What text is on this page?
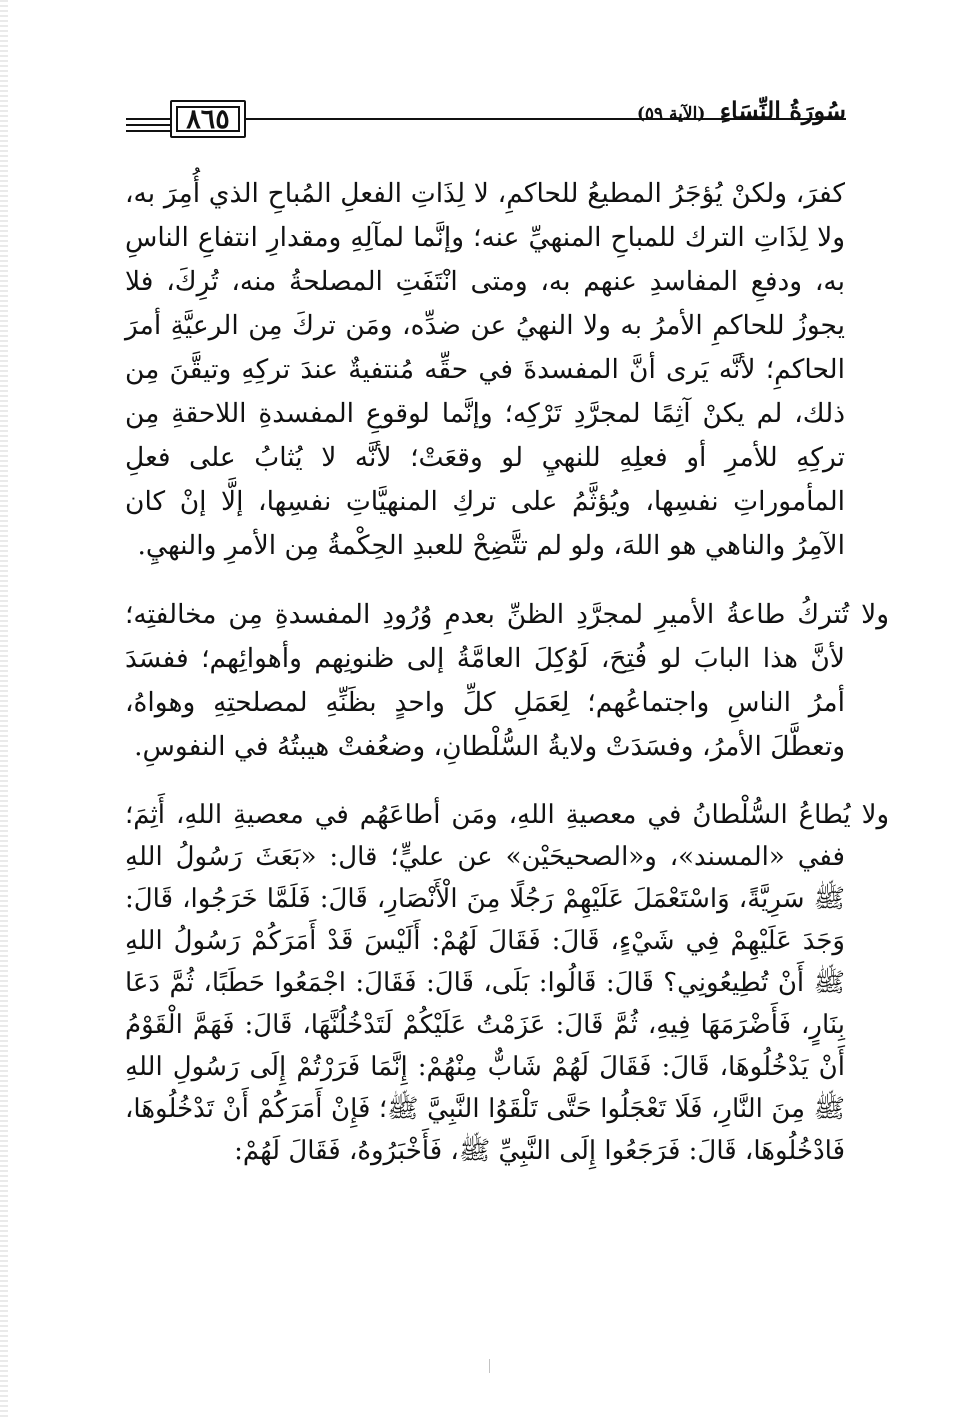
٨٦٥	سُورَةُ النِّسَاءِ (الآية ٥٩)

كفرَ، ولكنْ يُؤجَرُ المطيعُ للحاكمِ، لا لِذَاتِ الفعلِ المُباحِ الذي أُمِرَ به، ولا لِذَاتِ الترك للمباحِ المنهيِّ عنه؛ وإنَّما لمآلِهِ ومقدارِ انتفاعِ الناسِ به، ودفعِ المفاسدِ عنهم به، ومتى انْتَفَتِ المصلحةُ منه، تُرِكَ، فلا يجوزُ للحاكمِ الأمرُ به ولا النهيُ عن ضدِّه، ومَن تركَ مِن الرعيَّةِ أمرَ الحاكمِ؛ لأنَّه يَرى أنَّ المفسدةَ في حقِّه مُنتفيةٌ عندَ تركِهِ وتيقَّنَ مِن ذلك، لم يكنْ آثِمًا لمجرَّدِ تَرْكِه؛ وإنَّما لوقوعِ المفسدةِ اللاحقةِ مِن تركِهِ للأمرِ أو فعلِهِ للنهيِ لو وقعَتْ؛ لأنَّه لا يُثابُ على فعلِ المأموراتِ نفسِها، ويُؤثَّمُ على تركِ المنهيَّاتِ نفسِها، إلَّا إنْ كان الآمِرُ والناهي هو اللهَ، ولو لم تتَّضِحْ للعبدِ الحِكْمةُ مِن الأمرِ والنهيِ.

ولا تُتركُ طاعةُ الأميرِ لمجرَّدِ الظنِّ بعدمِ وُرُودِ المفسدةِ مِن مخالفتِه؛ لأنَّ هذا البابَ لو فُتِحَ، لَوُكِلَ العامَّةُ إلى ظنونِهم وأهوائِهم؛ ففسَدَ أمرُ الناسِ واجتماعُهم؛ لِعَمَلِ كلِّ واحدٍ بظَنِّهِ لمصلحتِهِ وهواهُ، وتعطَّلَ الأمرُ، وفسَدَتْ ولايةُ السُّلْطانِ، وضعُفتْ هيبتُهُ في النفوسِ.

ولا يُطاعُ السُّلْطانُ في معصيةِ اللهِ، ومَن أطاعَهُم في معصيةِ اللهِ، أَثِمَ؛ ففي «المسند»، و«الصحيحَيْن» عن عليٍّ؛ قال: «بَعَثَ رَسُولُ اللهِ ﷺ سَرِيَّةً، وَاسْتَعْمَلَ عَلَيْهِمْ رَجُلًا مِنَ الْأَنْصَارِ، قَالَ: فَلَمَّا خَرَجُوا، قَالَ: وَجَدَ عَلَيْهِمْ فِي شَيْءٍ، قَالَ: فَقَالَ لَهُمْ: أَلَيْسَ قَدْ أَمَرَكُمْ رَسُولُ اللهِ ﷺ أَنْ تُطِيعُونِي؟ قَالَ: قَالُوا: بَلَى، قَالَ: فَقَالَ: اجْمَعُوا حَطَبًا، ثُمَّ دَعَا بِنَارٍ، فَأَضْرَمَهَا فِيهِ، ثُمَّ قَالَ: عَزَمْتُ عَلَيْكُمْ لَتَدْخُلُنَّهَا، قَالَ: فَهَمَّ الْقَوْمُ أَنْ يَدْخُلُوهَا، قَالَ: فَقَالَ لَهُمْ شَابٌّ مِنْهُمْ: إِنَّمَا فَرَرْتُمْ إِلَى رَسُولِ اللهِ ﷺ مِنَ النَّارِ، فَلَا تَعْجَلُوا حَتَّى تَلْقَوُا النَّبِيَّ ﷺ؛ فَإِنْ أَمَرَكُمْ أَنْ تَدْخُلُوهَا، فَادْخُلُوهَا، قَالَ: فَرَجَعُوا إِلَى النَّبِيِّ ﷺ، فَأَخْبَرُوهُ، فَقَالَ لَهُمْ:
